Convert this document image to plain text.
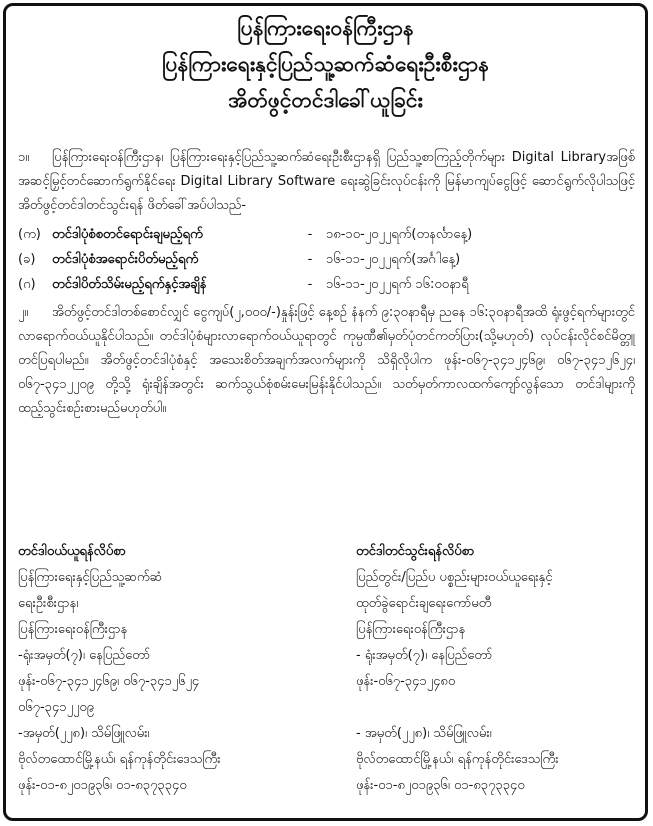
ပြန်ကြားရေးဝန်ကြီးဌာန

ပြန်ကြားရေးနှင့်ပြည်သူ့ဆက်ဆံရေးဦးစီးဌာန

အိတ်ဖွင့်တင်ဒါခေါ်ယူခြင်း

၁။ ပြန်ကြားရေးဝန်ကြီးဌာန၊ ပြန်ကြားရေးနှင့်ပြည်သူ့ဆက်ဆံရေးဦးစီးဌာနရှိ ပြည်သူ့စာကြည့်တိုက်များ Digital Libraryအဖြစ် အဆင့်မြှင့်တင်ဆောက်ရွက်နိုင်ရေး Digital Library Software ရေးဆွဲခြင်းလုပ်ငန်းကို မြန်မာကျပ်ငွေဖြင့် ဆောင်ရွက်လိုပါသဖြင့် အိတ်ဖွင့်တင်ဒါတင်သွင်းရန် ဖိတ်ခေါ်အပ်ပါသည်-

(က) တင်ဒါပုံစံစတင်ရောင်းချမည့်ရက်	-	၁၈-၁၀-၂၀၂၂ရက်(တနင်္လာနေ့)
(ခ)	တင်ဒါပုံစံအရောင်းပိတ်မည့်ရက်	-	၁၆-၁၁-၂၀၂၂ရက်(အင်္ဂါနေ့)
(ဂ)	တင်ဒါပိတ်သိမ်းမည့်ရက်နှင့်အချိန်	-	၁၆-၁၁-၂၀၂၂ရက် ၁၆:၀၀နာရီ

၂။ အိတ်ဖွင့်တင်ဒါတစ်စောင်လျှင် ငွေကျပ်(၂,၀၀၀/-)နှုန်းဖြင့် နေ့စဉ် နံနက် ၉:၃၀နာရီမှ ညနေ ၁၆:၃၀နာရီအထိ ရုံးဖွင့်ရက်များတွင်လာရောက်ဝယ်ယူနိုင်ပါသည်။ တင်ဒါပုံစံများလာရောက်ဝယ်ယူရာတွင် ကုမ္ပဏီ၏မှတ်ပုံတင်ကတ်ပြား(သို့မဟုတ်) လုပ်ငန်းလိုင်စင်မိတ္တူတင်ပြရပါမည်။ အိတ်ဖွင့်တင်ဒါပုံစံနှင့် အသေးစိတ်အချက်အလက်များကို သိရှိလိုပါက ဖုန်း-၀၆၇-၃၄၁၂၄၆၉၊ ၀၆၇-၃၄၁၂၆၂၄၊ ၀၆၇-၃၄၁၂၂၀၉ တို့သို့ ရုံးချိန်အတွင်း ဆက်သွယ်စုံစမ်းမေးမြန်းနိုင်ပါသည်။ သတ်မှတ်ကာလထက်ကျော်လွန်သော တင်ဒါများကို ထည့်သွင်းစဉ်းစားမည်မဟုတ်ပါ။

တင်ဒါဝယ်ယူရန်လိပ်စာ
ပြန်ကြားရေးနှင့်ပြည်သူ့ဆက်ဆံ
ရေးဦးစီးဌာန၊
ပြန်ကြားရေးဝန်ကြီးဌာန
-ရုံးအမှတ်(၇)၊ နေပြည်တော်
ဖုန်း-၀၆၇-၃၄၁၂၄၆၉၊ ၀၆၇-၃၄၁၂၆၂၄
၀၆၇-၃၄၁၂၂၀၉
-အမှတ်(၂၂၈)၊ သိမ်ဖြူလမ်း၊
ဗိုလ်တထောင်မြို့နယ်၊ ရန်ကုန်တိုင်းဒေသကြီး
ဖုန်း-၀၁-၈၂၀၁၉၃၆၊ ၀၁-၈၃၇၃၃၄၀
တင်ဒါတင်သွင်းရန်လိပ်စာ
ပြည်တွင်း/ပြည်ပ ပစ္စည်းများဝယ်ယူရေးနှင့်
ထုတ်ခွဲရောင်းချရေးကော်မတီ
ပြန်ကြားရေးဝန်ကြီးဌာန
- ရုံးအမှတ်(၇)၊ နေပြည်တော်
ဖုန်း-၀၆၇-၃၄၁၂၄၈၀
- အမှတ်(၂၂၈)၊ သိမ်ဖြူလမ်း၊
ဗိုလ်တထောင်မြို့နယ်၊ ရန်ကုန်တိုင်းဒေသကြီး
ဖုန်း-၀၁-၈၂၀၁၉၃၆၊ ၀၁-၈၃၇၃၃၄၀
